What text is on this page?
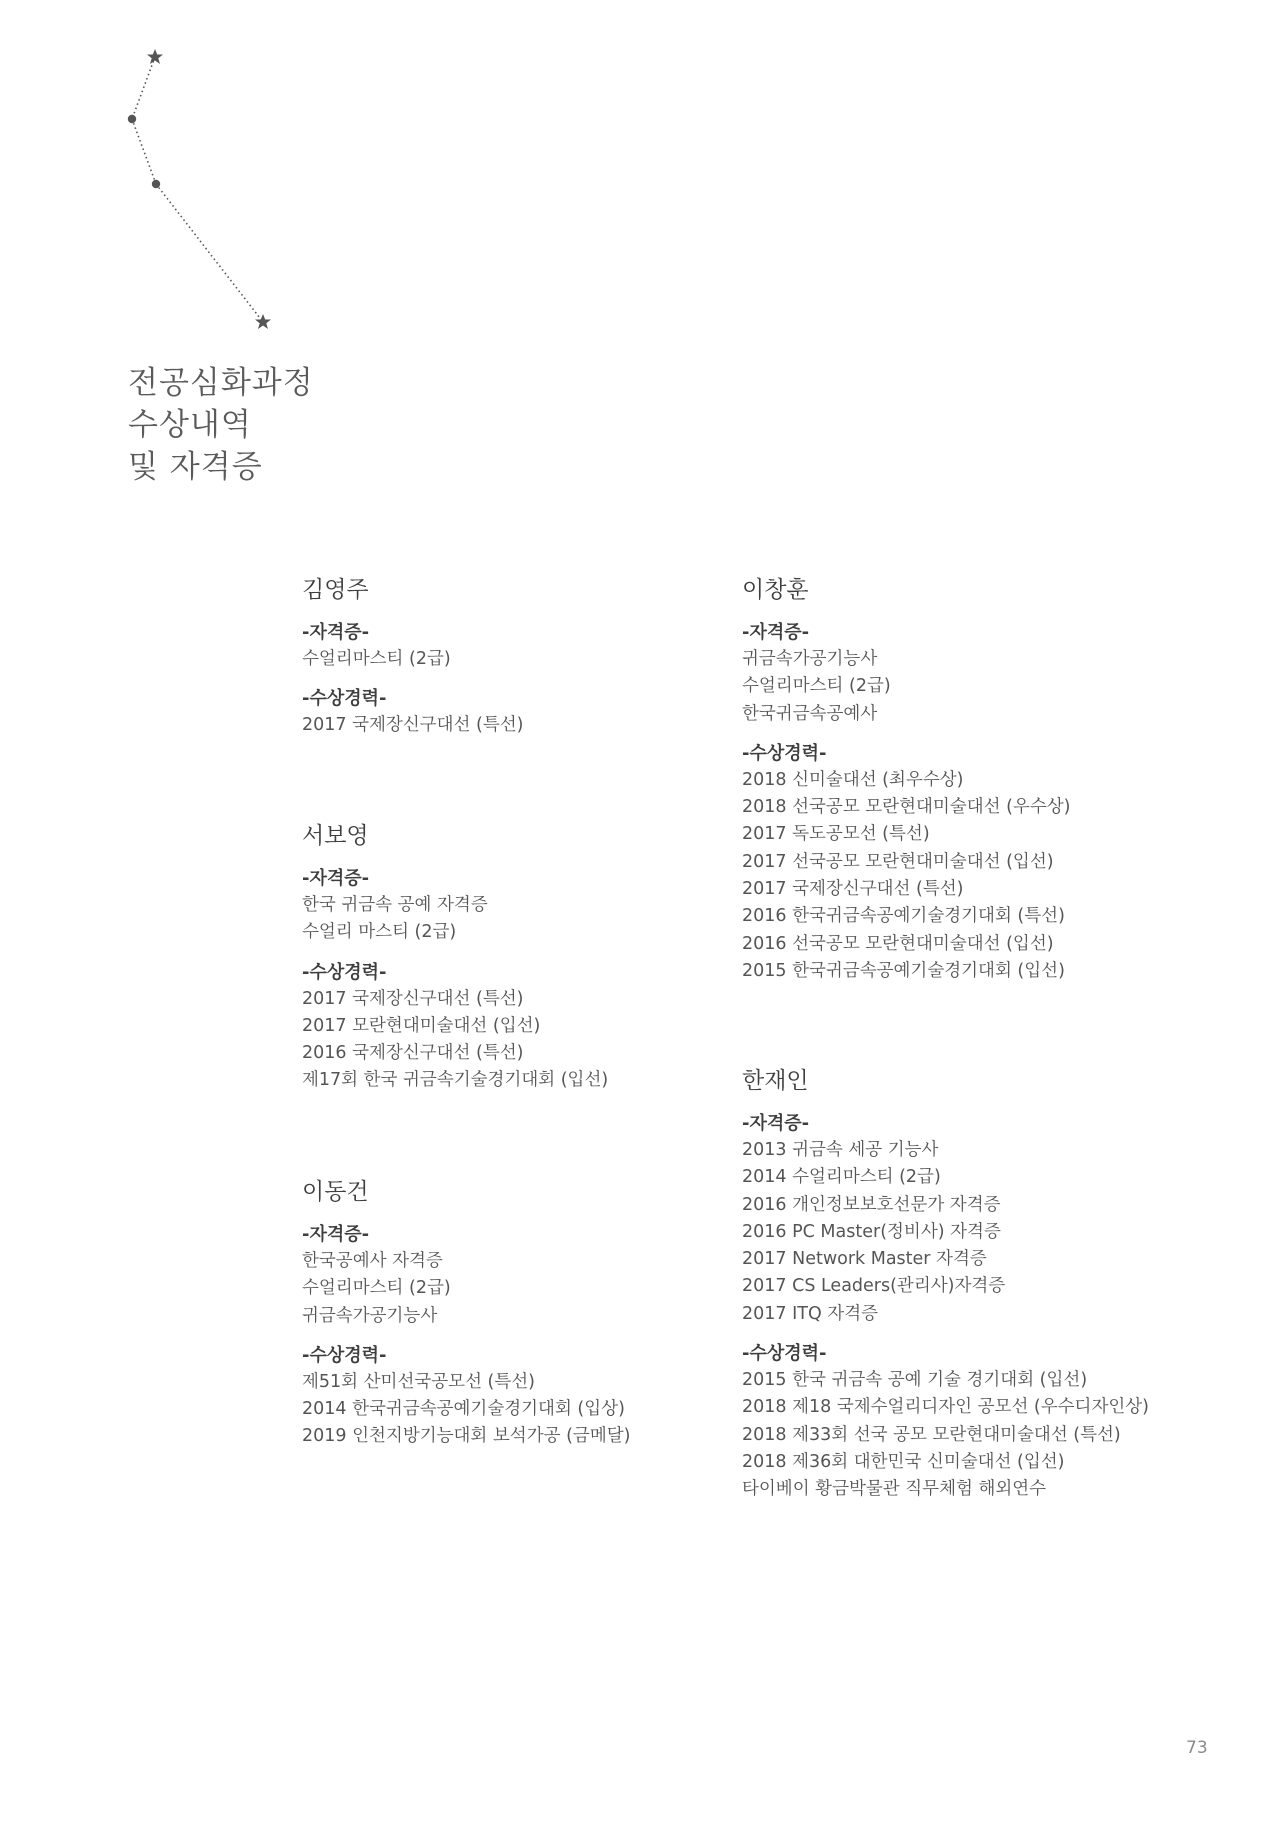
전공심화과정
수상내역
및 자격증
김영주
-자격증-
수얼리마스티 (2급)
-수상경력-
2017 국제장신구대선 (특선)
서보영
-자격증-
한국 귀금속 공예 자격증
수얼리 마스티 (2급)
-수상경력-
2017 국제장신구대선 (특선)
2017 모란현대미술대선 (입선)
2016 국제장신구대선 (특선)
제17회 한국 귀금속기술경기대회 (입선)
이동건
-자격증-
한국공예사 자격증
수얼리마스티 (2급)
귀금속가공기능사
-수상경력-
제51회 산미선국공모선 (특선)
2014 한국귀금속공예기술경기대회 (입상)
2019 인천지방기능대회 보석가공 (금메달)
이창훈
-자격증-
귀금속가공기능사
수얼리마스티 (2급)
한국귀금속공예사
-수상경력-
2018 신미술대선 (최우수상)
2018 선국공모 모란현대미술대선 (우수상)
2017 독도공모선 (특선)
2017 선국공모 모란현대미술대선 (입선)
2017 국제장신구대선 (특선)
2016 한국귀금속공예기술경기대회 (특선)
2016 선국공모 모란현대미술대선 (입선)
2015 한국귀금속공예기술경기대회 (입선)
한재인
-자격증-
2013 귀금속 세공 기능사
2014 수얼리마스티 (2급)
2016 개인정보보호선문가 자격증
2016 PC Master(정비사) 자격증
2017 Network Master 자격증
2017 CS Leaders(관리사)자격증
2017 ITQ 자격증
-수상경력-
2015 한국 귀금속 공예 기술 경기대회 (입선)
2018 제18 국제수얼리디자인 공모선 (우수디자인상)
2018 제33회 선국 공모 모란현대미술대선 (특선)
2018 제36회 대한민국 신미술대선 (입선)
타이베이 황금박물관 직무체험 해외연수
73
